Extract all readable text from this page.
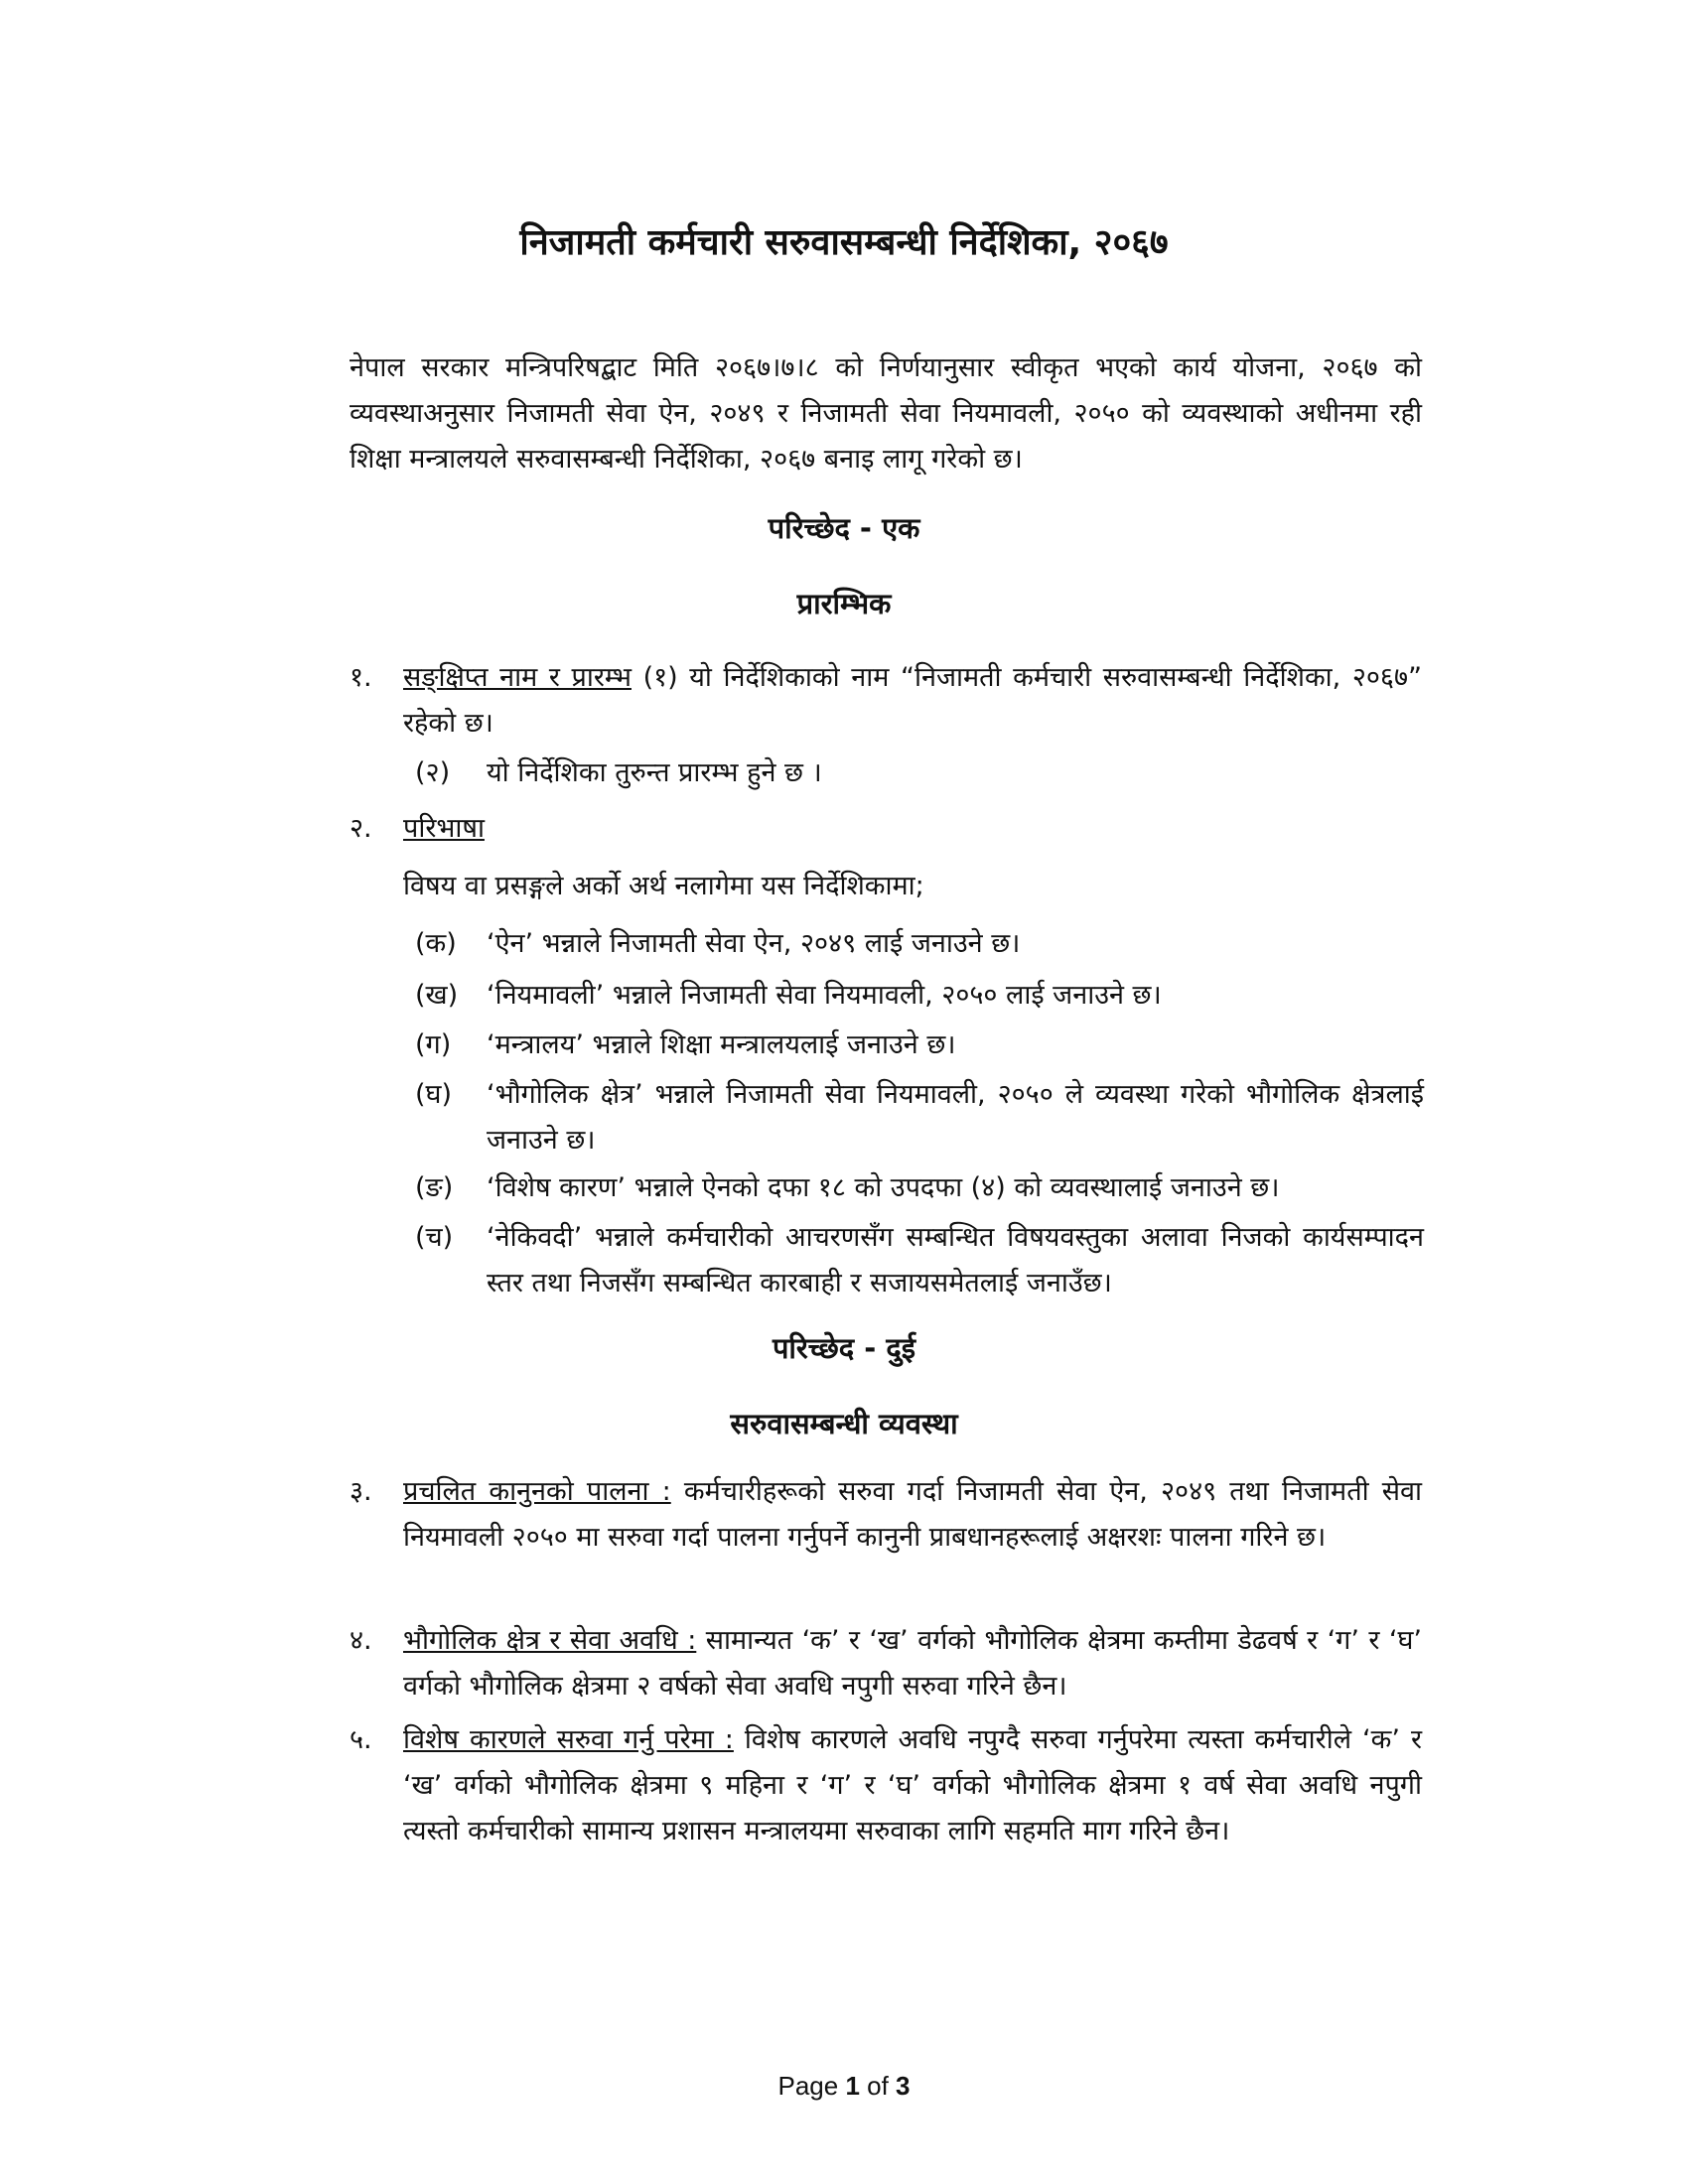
निजामती कर्मचारी सरुवासम्बन्धी निर्देशिका, २०६७
नेपाल सरकार मन्त्रिपरिषद्बाट मिति २०६७।७।८ को निर्णयानुसार स्वीकृत भएको कार्य योजना, २०६७ को व्यवस्थाअनुसार निजामती सेवा ऐन, २०४९ र निजामती सेवा नियमावली, २०५० को व्यवस्थाको अधीनमा रही शिक्षा मन्त्रालयले सरुवासम्बन्धी निर्देशिका, २०६७ बनाइ लागू गरेको छ।
परिच्छेद - एक
प्रारम्भिक
१.	सङ्क्षिप्त नाम र प्रारम्भ (१) यो निर्देशिकाको नाम “निजामती कर्मचारी सरुवासम्बन्धी निर्देशिका, २०६७” रहेको छ।
(२)	यो निर्देशिका तुरुन्त प्रारम्भ हुने छ ।
२.	परिभाषा
विषय वा प्रसङ्गले अर्को अर्थ नलागेमा यस निर्देशिकामा;
(क)	‘ऐन’ भन्नाले निजामती सेवा ऐन, २०४९ लाई जनाउने छ।
(ख)	‘नियमावली’ भन्नाले निजामती सेवा नियमावली, २०५० लाई जनाउने छ।
(ग)	‘मन्त्रालय’ भन्नाले शिक्षा मन्त्रालयलाई जनाउने छ।
(घ)	‘भौगोलिक क्षेत्र’ भन्नाले निजामती सेवा नियमावली, २०५० ले व्यवस्था गरेको भौगोलिक क्षेत्रलाई जनाउने छ।
(ङ)	‘विशेष कारण’ भन्नाले ऐनको दफा १८ को उपदफा (४) को व्यवस्थालाई जनाउने छ।
(च)	‘नेकिवदी’ भन्नाले कर्मचारीको आचरणसँग सम्बन्धित विषयवस्तुका अलावा निजको कार्यसम्पादन स्तर तथा निजसँग सम्बन्धित कारबाही र सजायसमेतलाई जनाउँछ।
परिच्छेद - दुई
सरुवासम्बन्धी व्यवस्था
३.	प्रचलित कानुनको पालना : कर्मचारीहरूको सरुवा गर्दा निजामती सेवा ऐन, २०४९ तथा निजामती सेवा नियमावली २०५० मा सरुवा गर्दा पालना गर्नुपर्ने कानुनी प्राबधानहरूलाई अक्षरशः पालना गरिने छ।
४.	भौगोलिक क्षेत्र र सेवा अवधि : सामान्यत ‘क’ र ‘ख’ वर्गको भौगोलिक क्षेत्रमा कम्तीमा डेढवर्ष र ‘ग’ र ‘घ’ वर्गको भौगोलिक क्षेत्रमा २ वर्षको सेवा अवधि नपुगी सरुवा गरिने छैन।
५.	विशेष कारणले सरुवा गर्नु परेमा : विशेष कारणले अवधि नपुग्दै सरुवा गर्नुपरेमा त्यस्ता कर्मचारीले ‘क’ र ‘ख’ वर्गको भौगोलिक क्षेत्रमा ९ महिना र ‘ग’ र ‘घ’ वर्गको भौगोलिक क्षेत्रमा १ वर्ष सेवा अवधि नपुगी त्यस्तो कर्मचारीको सामान्य प्रशासन मन्त्रालयमा सरुवाका लागि सहमति माग गरिने छैन।
Page 1 of 3
